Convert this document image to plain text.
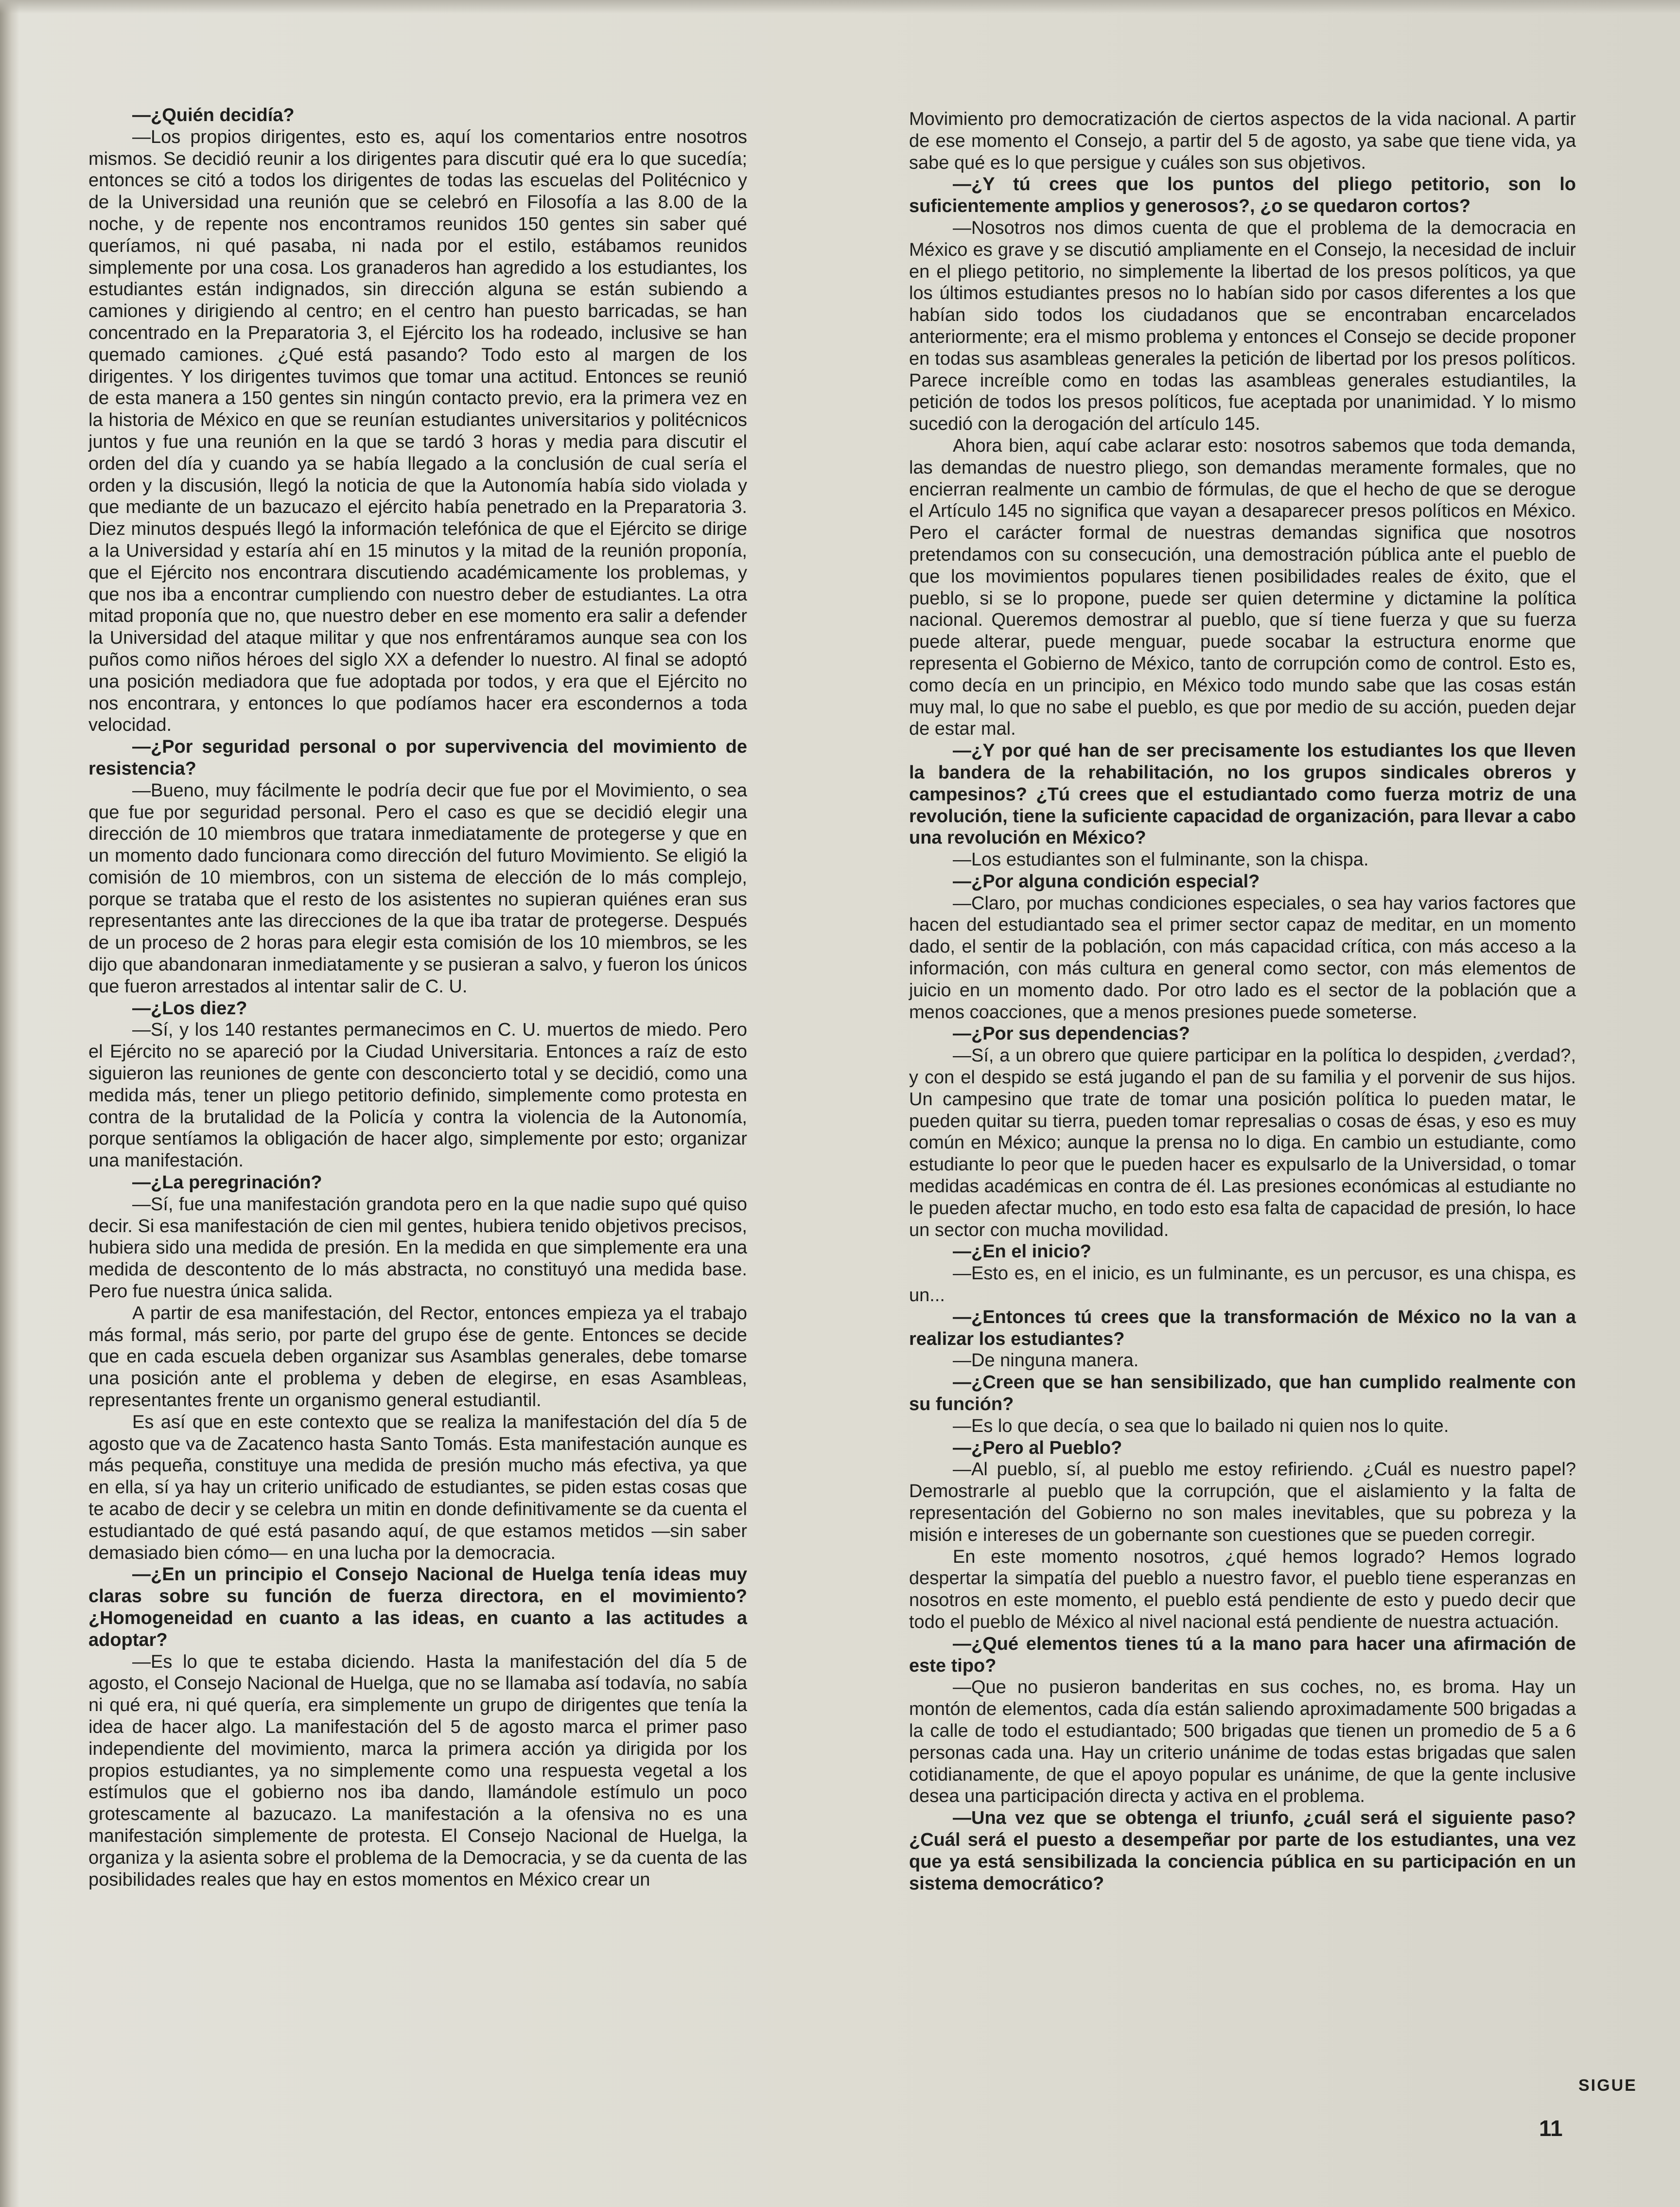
—¿Quién decidía?

—Los propios dirigentes, esto es, aquí los comentarios entre nosotros mismos. Se decidió reunir a los dirigentes para discutir qué era lo que sucedía; entonces se citó a todos los dirigentes de todas las escuelas del Politécnico y de la Universidad una reunión que se celebró en Filosofía a las 8.00 de la noche, y de repente nos encontramos reunidos 150 gentes sin saber qué queríamos, ni qué pasaba, ni nada por el estilo, estábamos reunidos simplemente por una cosa. Los granaderos han agredido a los estudiantes, los estudiantes están indignados, sin dirección alguna se están subiendo a camiones y dirigiendo al centro; en el centro han puesto barricadas, se han concentrado en la Preparatoria 3, el Ejército los ha rodeado, inclusive se han quemado camiones. ¿Qué está pasando? Todo esto al margen de los dirigentes. Y los dirigentes tuvimos que tomar una actitud. Entonces se reunió de esta manera a 150 gentes sin ningún contacto previo, era la primera vez en la historia de México en que se reunían estudiantes universitarios y politécnicos juntos y fue una reunión en la que se tardó 3 horas y media para discutir el orden del día y cuando ya se había llegado a la conclusión de cual sería el orden y la discusión, llegó la noticia de que la Autonomía había sido violada y que mediante de un bazucazo el ejército había penetrado en la Preparatoria 3. Diez minutos después llegó la información telefónica de que el Ejército se dirige a la Universidad y estaría ahí en 15 minutos y la mitad de la reunión proponía, que el Ejército nos encontrara discutiendo académicamente los problemas, y que nos iba a encontrar cumpliendo con nuestro deber de estudiantes. La otra mitad proponía que no, que nuestro deber en ese momento era salir a defender la Universidad del ataque militar y que nos enfrentáramos aunque sea con los puños como niños héroes del siglo XX a defender lo nuestro. Al final se adoptó una posición mediadora que fue adoptada por todos, y era que el Ejército no nos encontrara, y entonces lo que podíamos hacer era escondernos a toda velocidad.

—¿Por seguridad personal o por supervivencia del movimiento de resistencia?

—Bueno, muy fácilmente le podría decir que fue por el Movimiento, o sea que fue por seguridad personal. Pero el caso es que se decidió elegir una dirección de 10 miembros que tratara inmediatamente de protegerse y que en un momento dado funcionara como dirección del futuro Movimiento. Se eligió la comisión de 10 miembros, con un sistema de elección de lo más complejo, porque se trataba que el resto de los asistentes no supieran quiénes eran sus representantes ante las direcciones de la que iba tratar de protegerse. Después de un proceso de 2 horas para elegir esta comisión de los 10 miembros, se les dijo que abandonaran inmediatamente y se pusieran a salvo, y fueron los únicos que fueron arrestados al intentar salir de C. U.

—¿Los diez?

—Sí, y los 140 restantes permanecimos en C. U. muertos de miedo. Pero el Ejército no se apareció por la Ciudad Universitaria. Entonces a raíz de esto siguieron las reuniones de gente con desconcierto total y se decidió, como una medida más, tener un pliego petitorio definido, simplemente como protesta en contra de la brutalidad de la Policía y contra la violencia de la Autonomía, porque sentíamos la obligación de hacer algo, simplemente por esto; organizar una manifestación.

—¿La peregrinación?

—Sí, fue una manifestación grandota pero en la que nadie supo qué quiso decir. Si esa manifestación de cien mil gentes, hubiera tenido objetivos precisos, hubiera sido una medida de presión. En la medida en que simplemente era una medida de descontento de lo más abstracta, no constituyó una medida base. Pero fue nuestra única salida.

A partir de esa manifestación, del Rector, entonces empieza ya el trabajo más formal, más serio, por parte del grupo ése de gente. Entonces se decide que en cada escuela deben organizar sus Asamblas generales, debe tomarse una posición ante el problema y deben de elegirse, en esas Asambleas, representantes frente un organismo general estudiantil.

Es así que en este contexto que se realiza la manifestación del día 5 de agosto que va de Zacatenco hasta Santo Tomás. Esta manifestación aunque es más pequeña, constituye una medida de presión mucho más efectiva, ya que en ella, sí ya hay un criterio unificado de estudiantes, se piden estas cosas que te acabo de decir y se celebra un mitin en donde definitivamente se da cuenta el estudiantado de qué está pasando aquí, de que estamos metidos —sin saber demasiado bien cómo— en una lucha por la democracia.

—¿En un principio el Consejo Nacional de Huelga tenía ideas muy claras sobre su función de fuerza directora, en el movimiento? ¿Homogeneidad en cuanto a las ideas, en cuanto a las actitudes a adoptar?

—Es lo que te estaba diciendo. Hasta la manifestación del día 5 de agosto, el Consejo Nacional de Huelga, que no se llamaba así todavía, no sabía ni qué era, ni qué quería, era simplemente un grupo de dirigentes que tenía la idea de hacer algo. La manifestación del 5 de agosto marca el primer paso independiente del movimiento, marca la primera acción ya dirigida por los propios estudiantes, ya no simplemente como una respuesta vegetal a los estímulos que el gobierno nos iba dando, llamándole estímulo un poco grotescamente al bazucazo. La manifestación a la ofensiva no es una manifestación simplemente de protesta. El Consejo Nacional de Huelga, la organiza y la asienta sobre el problema de la Democracia, y se da cuenta de las posibilidades reales que hay en estos momentos en México crear un

Movimiento pro democratización de ciertos aspectos de la vida nacional. A partir de ese momento el Consejo, a partir del 5 de agosto, ya sabe que tiene vida, ya sabe qué es lo que persigue y cuáles son sus objetivos.

—¿Y tú crees que los puntos del pliego petitorio, son lo suficientemente amplios y generosos?, ¿o se quedaron cortos?

—Nosotros nos dimos cuenta de que el problema de la democracia en México es grave y se discutió ampliamente en el Consejo, la necesidad de incluir en el pliego petitorio, no simplemente la libertad de los presos políticos, ya que los últimos estudiantes presos no lo habían sido por casos diferentes a los que habían sido todos los ciudadanos que se encontraban encarcelados anteriormente; era el mismo problema y entonces el Consejo se decide proponer en todas sus asambleas generales la petición de libertad por los presos políticos. Parece increíble como en todas las asambleas generales estudiantiles, la petición de todos los presos políticos, fue aceptada por unanimidad. Y lo mismo sucedió con la derogación del artículo 145.

Ahora bien, aquí cabe aclarar esto: nosotros sabemos que toda demanda, las demandas de nuestro pliego, son demandas meramente formales, que no encierran realmente un cambio de fórmulas, de que el hecho de que se derogue el Artículo 145 no significa que vayan a desaparecer presos políticos en México. Pero el carácter formal de nuestras demandas significa que nosotros pretendamos con su consecución, una demostración pública ante el pueblo de que los movimientos populares tienen posibilidades reales de éxito, que el pueblo, si se lo propone, puede ser quien determine y dictamine la política nacional. Queremos demostrar al pueblo, que sí tiene fuerza y que su fuerza puede alterar, puede menguar, puede socabar la estructura enorme que representa el Gobierno de México, tanto de corrupción como de control. Esto es, como decía en un principio, en México todo mundo sabe que las cosas están muy mal, lo que no sabe el pueblo, es que por medio de su acción, pueden dejar de estar mal.

—¿Y por qué han de ser precisamente los estudiantes los que lleven la bandera de la rehabilitación, no los grupos sindicales obreros y campesinos? ¿Tú crees que el estudiantado como fuerza motriz de una revolución, tiene la suficiente capacidad de organización, para llevar a cabo una revolución en México?

—Los estudiantes son el fulminante, son la chispa.

—¿Por alguna condición especial?

—Claro, por muchas condiciones especiales, o sea hay varios factores que hacen del estudiantado sea el primer sector capaz de meditar, en un momento dado, el sentir de la población, con más capacidad crítica, con más acceso a la información, con más cultura en general como sector, con más elementos de juicio en un momento dado. Por otro lado es el sector de la población que a menos coacciones, que a menos presiones puede someterse.

—¿Por sus dependencias?

—Sí, a un obrero que quiere participar en la política lo despiden, ¿verdad?, y con el despido se está jugando el pan de su familia y el porvenir de sus hijos. Un campesino que trate de tomar una posición política lo pueden matar, le pueden quitar su tierra, pueden tomar represalias o cosas de ésas, y eso es muy común en México; aunque la prensa no lo diga. En cambio un estudiante, como estudiante lo peor que le pueden hacer es expulsarlo de la Universidad, o tomar medidas académicas en contra de él. Las presiones económicas al estudiante no le pueden afectar mucho, en todo esto esa falta de capacidad de presión, lo hace un sector con mucha movilidad.

—¿En el inicio?

—Esto es, en el inicio, es un fulminante, es un percusor, es una chispa, es un...

—¿Entonces tú crees que la transformación de México no la van a realizar los estudiantes?

—De ninguna manera.

—¿Creen que se han sensibilizado, que han cumplido realmente con su función?

—Es lo que decía, o sea que lo bailado ni quien nos lo quite.

—¿Pero al Pueblo?

—Al pueblo, sí, al pueblo me estoy refiriendo. ¿Cuál es nuestro papel? Demostrarle al pueblo que la corrupción, que el aislamiento y la falta de representación del Gobierno no son males inevitables, que su pobreza y la misión e intereses de un gobernante son cuestiones que se pueden corregir.

En este momento nosotros, ¿qué hemos logrado? Hemos logrado despertar la simpatía del pueblo a nuestro favor, el pueblo tiene esperanzas en nosotros en este momento, el pueblo está pendiente de esto y puedo decir que todo el pueblo de México al nivel nacional está pendiente de nuestra actuación.

—¿Qué elementos tienes tú a la mano para hacer una afirmación de este tipo?

—Que no pusieron banderitas en sus coches, no, es broma. Hay un montón de elementos, cada día están saliendo aproximadamente 500 brigadas a la calle de todo el estudiantado; 500 brigadas que tienen un promedio de 5 a 6 personas cada una. Hay un criterio unánime de todas estas brigadas que salen cotidianamente, de que el apoyo popular es unánime, de que la gente inclusive desea una participación directa y activa en el problema.

—Una vez que se obtenga el triunfo, ¿cuál será el siguiente paso? ¿Cuál será el puesto a desempeñar por parte de los estudiantes, una vez que ya está sensibilizada la conciencia pública en su participación en un sistema democrático?

SIGUE
11
